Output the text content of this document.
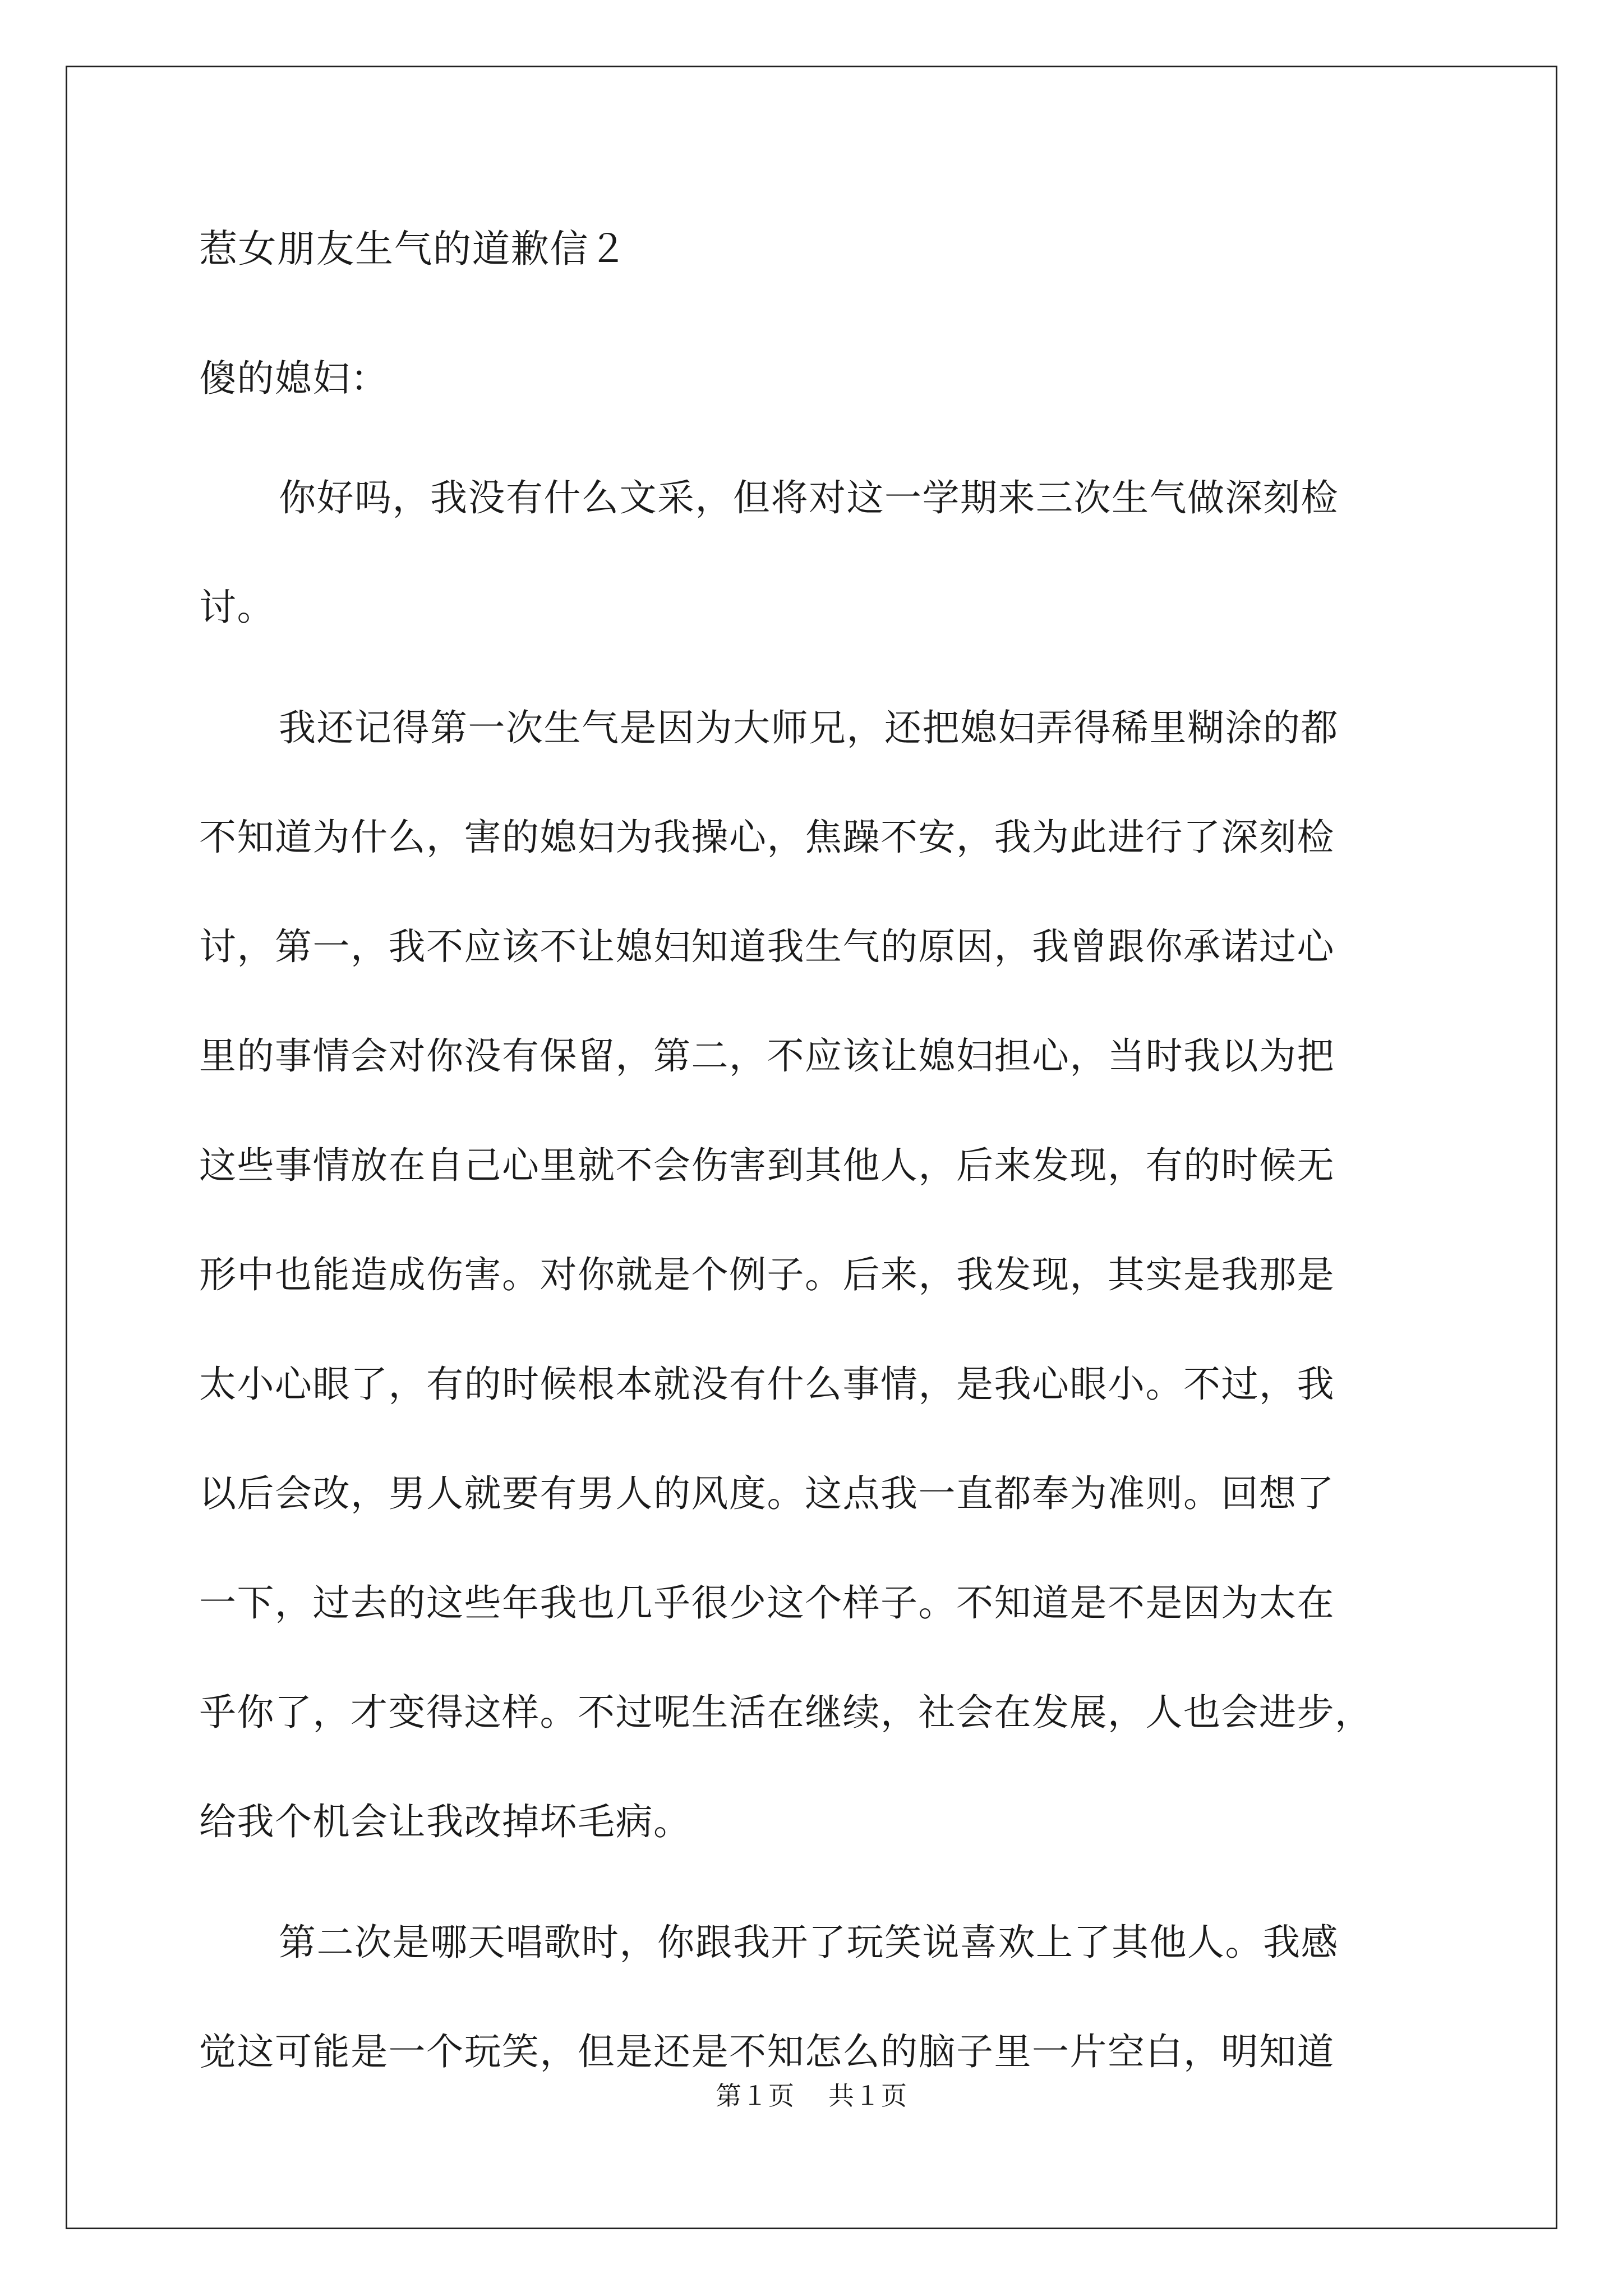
惹女朋友生气的道歉信２
傻的媳妇：
你好吗，我没有什么文采，但将对这一学期来三次生气做深刻检
讨。
我还记得第一次生气是因为大师兄，还把媳妇弄得稀里糊涂的都
不知道为什么，害的媳妇为我操心，焦躁不安，我为此进行了深刻检
讨，第一，我不应该不让媳妇知道我生气的原因，我曾跟你承诺过心
里的事情会对你没有保留，第二，不应该让媳妇担心，当时我以为把
这些事情放在自己心里就不会伤害到其他人，后来发现，有的时候无
形中也能造成伤害。对你就是个例子。后来，我发现，其实是我那是
太小心眼了，有的时候根本就没有什么事情，是我心眼小。不过，我
以后会改，男人就要有男人的风度。这点我一直都奉为准则。回想了
一下，过去的这些年我也几乎很少这个样子。不知道是不是因为太在
乎你了，才变得这样。不过呢生活在继续，社会在发展，人也会进步，
给我个机会让我改掉坏毛病。
第二次是哪天唱歌时，你跟我开了玩笑说喜欢上了其他人。我感
觉这可能是一个玩笑，但是还是不知怎么的脑子里一片空白，明知道
第１页 共１页
